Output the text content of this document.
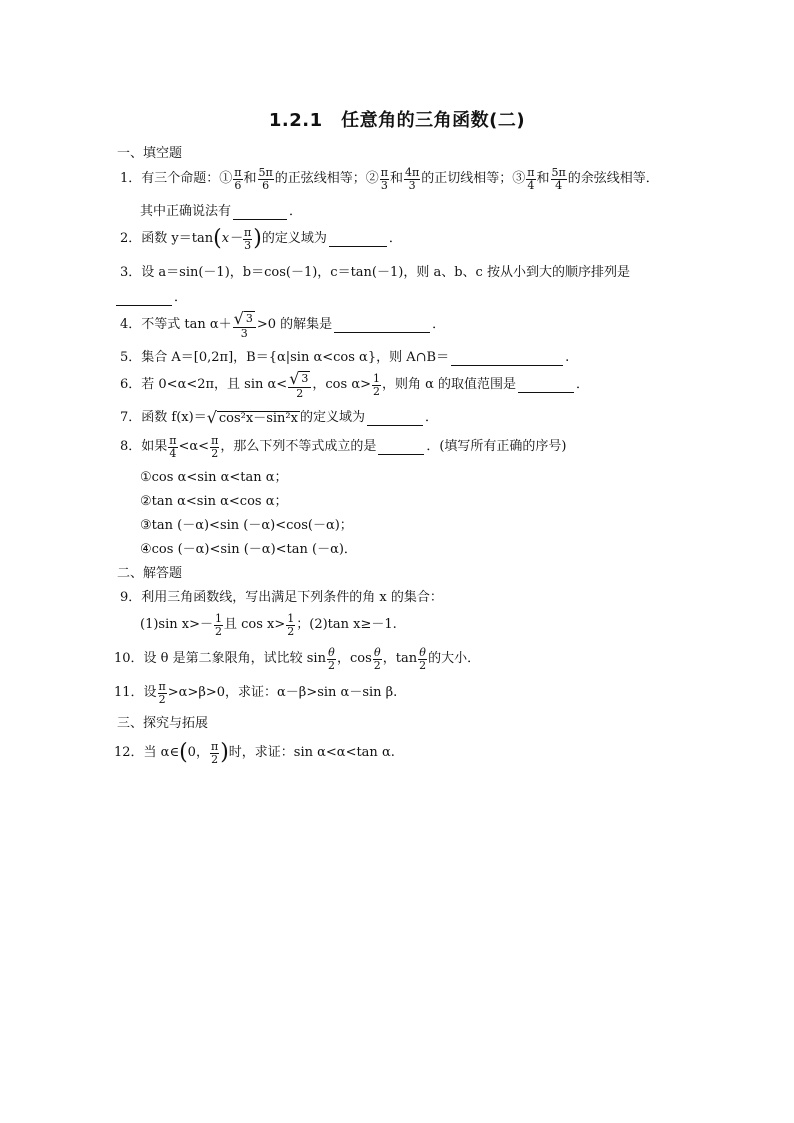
1.2.1　任意角的三角函数(二)
一、填空题
1．有三个命题：① $\frac{\pi}{6}$ 和 $\frac{5\pi}{6}$ 的正弦线相等；② $\frac{\pi}{3}$ 和 $\frac{4\pi}{3}$ 的正切线相等；③ $\frac{\pi}{4}$ 和 $\frac{5\pi}{4}$ 的余弦线相等．
其中正确说法有	．
2．函数 y＝tan ( $x- \frac{\pi}{3}$ ) 的定义域为	．
3．设 a＝sin(－1)，b＝cos(－1)，c＝tan(－1)，则 a、b、c 按从小到大的顺序排列是
．
4．不等式 $\tan \alpha+ \frac{√ 3}{3} >0$ 的解集是	．
5．集合 A＝[0,2π]，B＝{α|sin α<cos α}，则 A∩B＝	.
6．若 0<α<2π，且 $\sin \alpha< \frac{√ 3}{2}$ ，$\cos \alpha> \frac{1}{2}$ ，则角 α 的取值范围是	．
7．函数 f(x)＝ √ cos²x－sin²x 的定义域为	．
8．如果 $\frac{\pi}{4} <\alpha< \frac{\pi}{2}$ ，那么下列不等式成立的是	．(填写所有正确的序号)
①cos α<sin α<tan α；
②tan α<sin α<cos α；
③tan (－α)<sin (－α)<cos(－α)；
④cos (－α)<sin (－α)<tan (－α)．
二、解答题
9．利用三角函数线，写出满足下列条件的角 x 的集合：
(1)sin $x>- \frac{1}{2}$ 且 $\cos x> \frac{1}{2}$ ；(2)tan x≥－1.
10．设 θ 是第二象限角，试比较 $\sin \frac{\theta}{2}$ ，$\cos \frac{\theta}{2}$ ，$\tan \frac{\theta}{2}$ 的大小．
11．设 $\frac{\pi}{2} >\alpha>\beta>0$，求证：α－β>sin α－sin β.
三、探究与拓展
12．当 α∈ ( 0， $\frac{\pi}{2}$ ) 时，求证：sin α<α<tan α.
